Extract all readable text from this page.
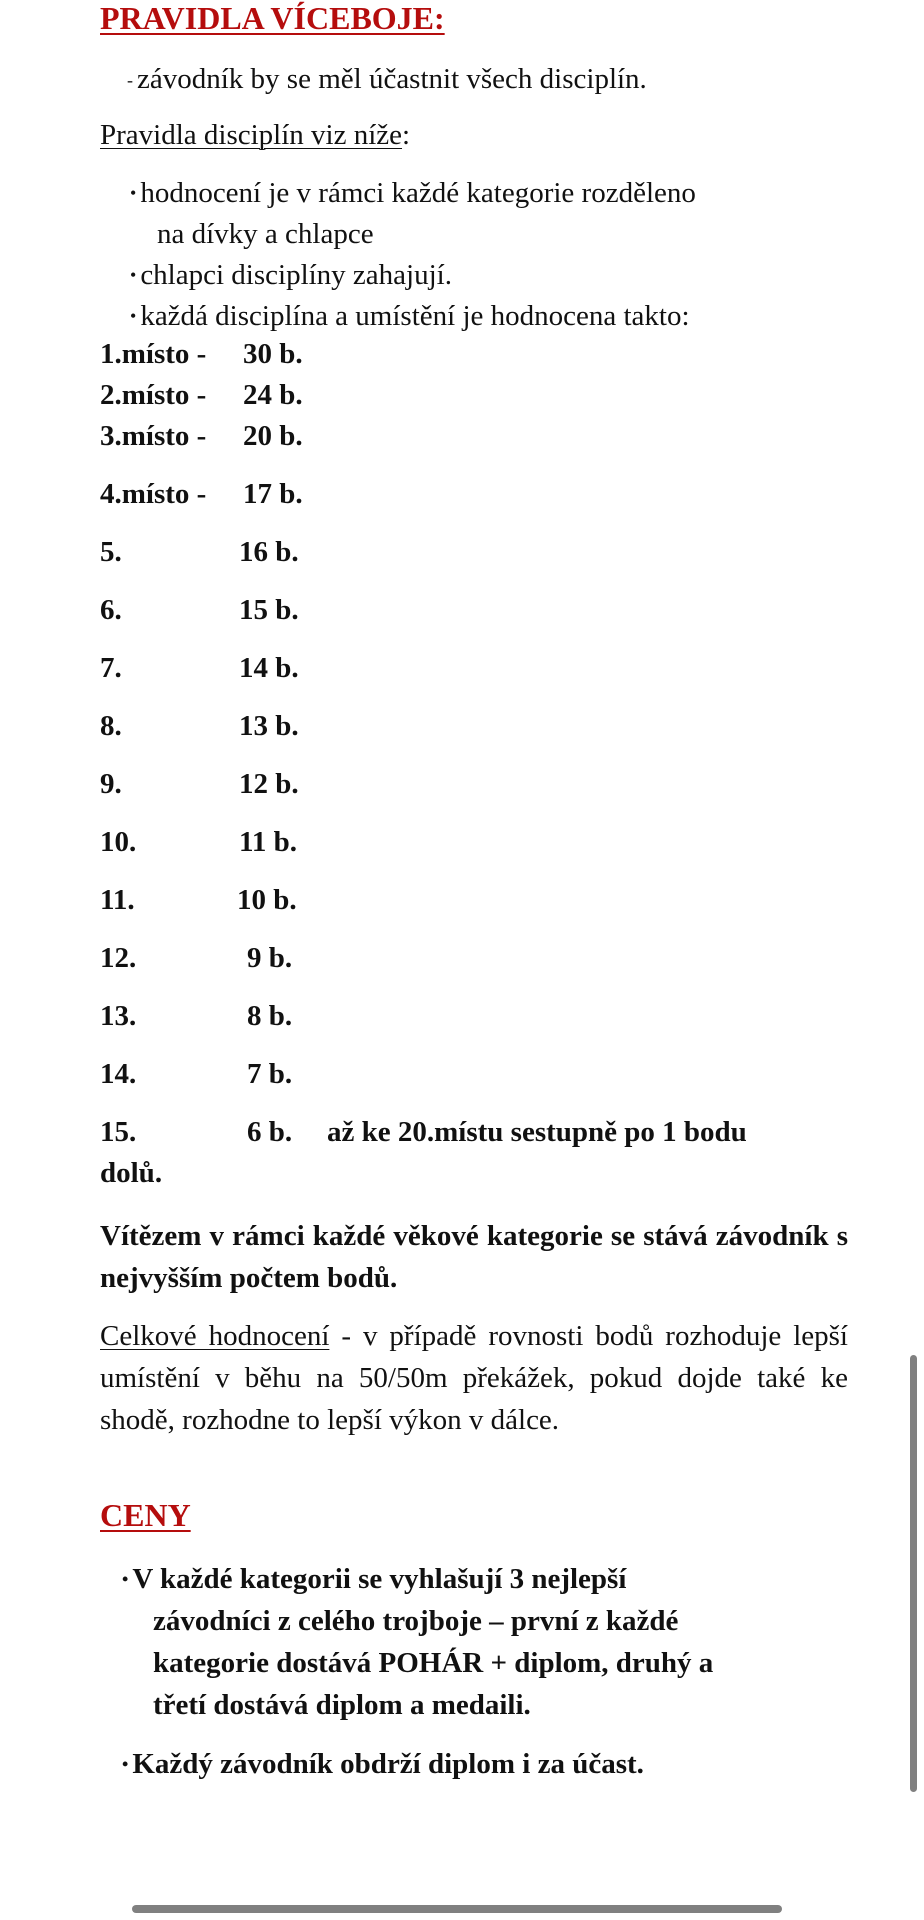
PRAVIDLA VÍCEBOJE:
- závodník by se měl účastnit všech disciplín.
Pravidla disciplín viz níže:
• hodnocení je v rámci každé kategorie rozděleno
na dívky a chlapce
• chlapci disciplíny zahajují.
• každá disciplína a umístění je hodnocena takto:
1.místo - 30 b.
2.místo - 24 b.
3.místo - 20 b.
4.místo - 17 b.
5.	16 b.
6.	15 b.
7.	14 b.
8.	13 b.
9.	12 b.
10.	11 b.
11.	10 b.
12.	9 b.
13.	8 b.
14.	7 b.
15.	6 b. až ke 20.místu sestupně po 1 bodu
dolů.
Vítězem v rámci každé věkové kategorie se stává závodník s nejvyšším počtem bodů.
Celkové hodnocení - v případě rovnosti bodů rozhoduje lepší umístění v běhu na 50/50m překážek, pokud dojde také ke shodě, rozhodne to lepší výkon v dálce.
CENY
• V každé kategorii se vyhlašují 3 nejlepší
závodníci z celého trojboje – první z každé
kategorie dostává POHÁR + diplom, druhý a
třetí dostává diplom a medaili.
• Každý závodník obdrží diplom i za účast.
